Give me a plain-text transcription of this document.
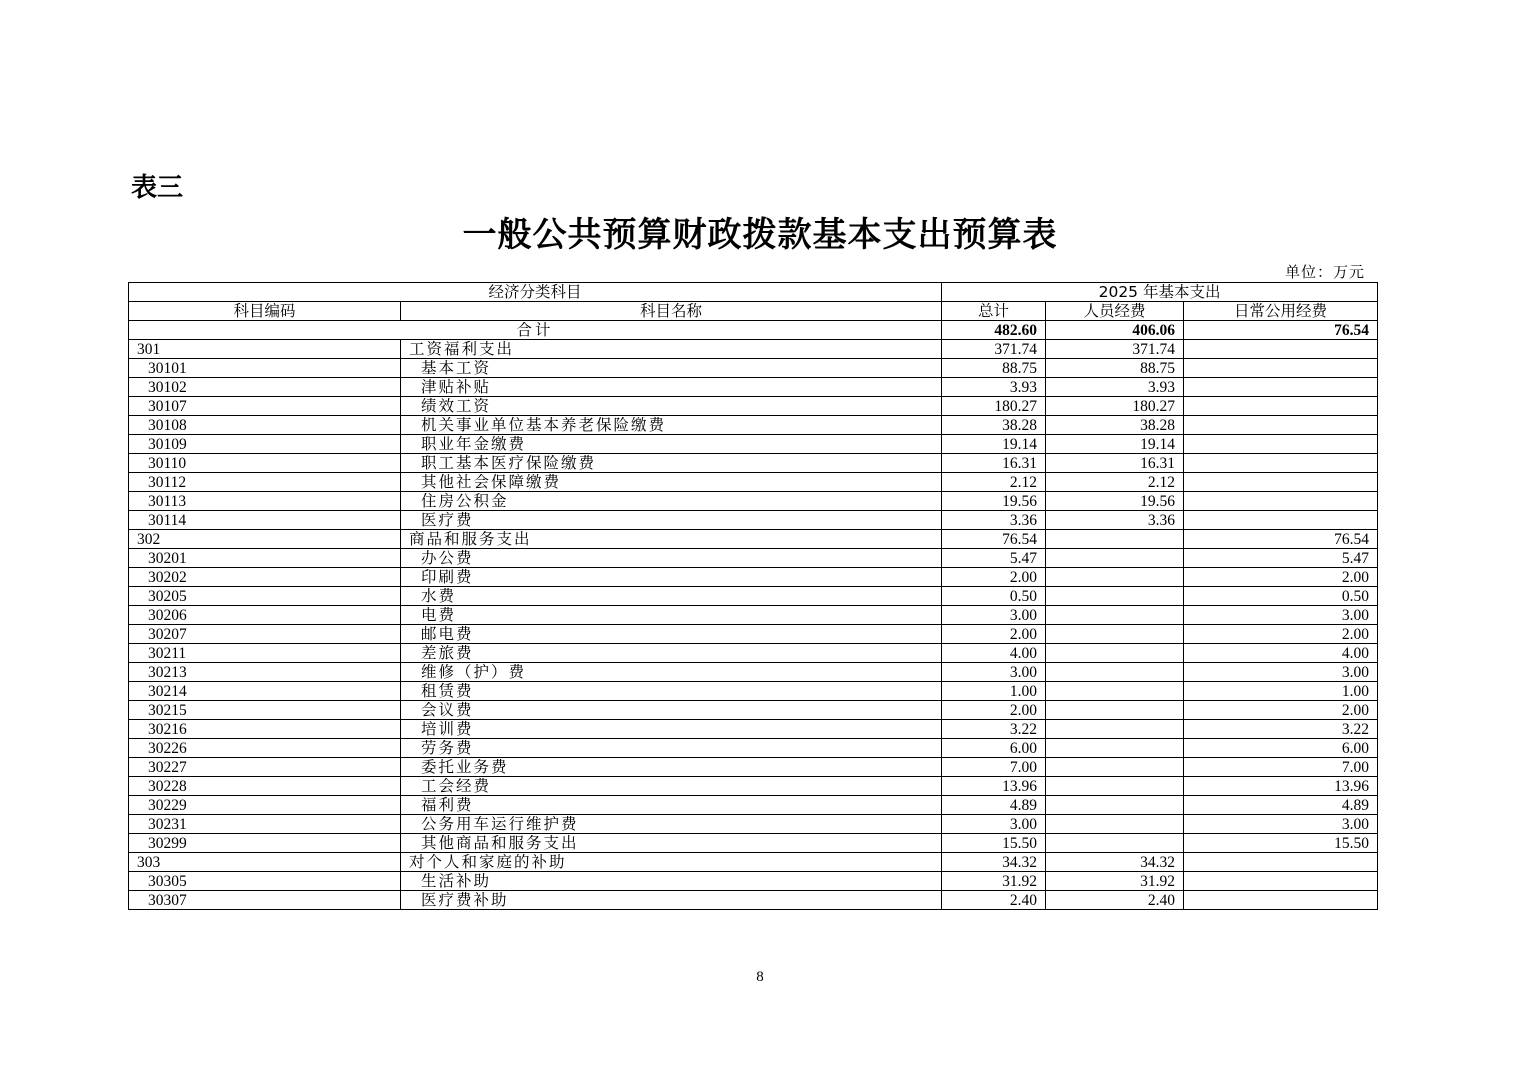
表三
一般公共预算财政拨款基本支出预算表
单位：万元
经济分类科目		2025 年基本支出		
科目编码	科目名称	总计	人员经费	日常公用经费
合计		482.60	406.06	76.54
301	工资福利支出	371.74	371.74	
30101	基本工资	88.75	88.75	
30102	津贴补贴	3.93	3.93	
30107	绩效工资	180.27	180.27	
30108	机关事业单位基本养老保险缴费	38.28	38.28	
30109	职业年金缴费	19.14	19.14	
30110	职工基本医疗保险缴费	16.31	16.31	
30112	其他社会保障缴费	2.12	2.12	
30113	住房公积金	19.56	19.56	
30114	医疗费	3.36	3.36	
302	商品和服务支出	76.54		76.54
30201	办公费	5.47		5.47
30202	印刷费	2.00		2.00
30205	水费	0.50		0.50
30206	电费	3.00		3.00
30207	邮电费	2.00		2.00
30211	差旅费	4.00		4.00
30213	维修（护）费	3.00		3.00
30214	租赁费	1.00		1.00
30215	会议费	2.00		2.00
30216	培训费	3.22		3.22
30226	劳务费	6.00		6.00
30227	委托业务费	7.00		7.00
30228	工会经费	13.96		13.96
30229	福利费	4.89		4.89
30231	公务用车运行维护费	3.00		3.00
30299	其他商品和服务支出	15.50		15.50
303	对个人和家庭的补助	34.32	34.32	
30305	生活补助	31.92	31.92	
30307	医疗费补助	2.40	2.40	
8
